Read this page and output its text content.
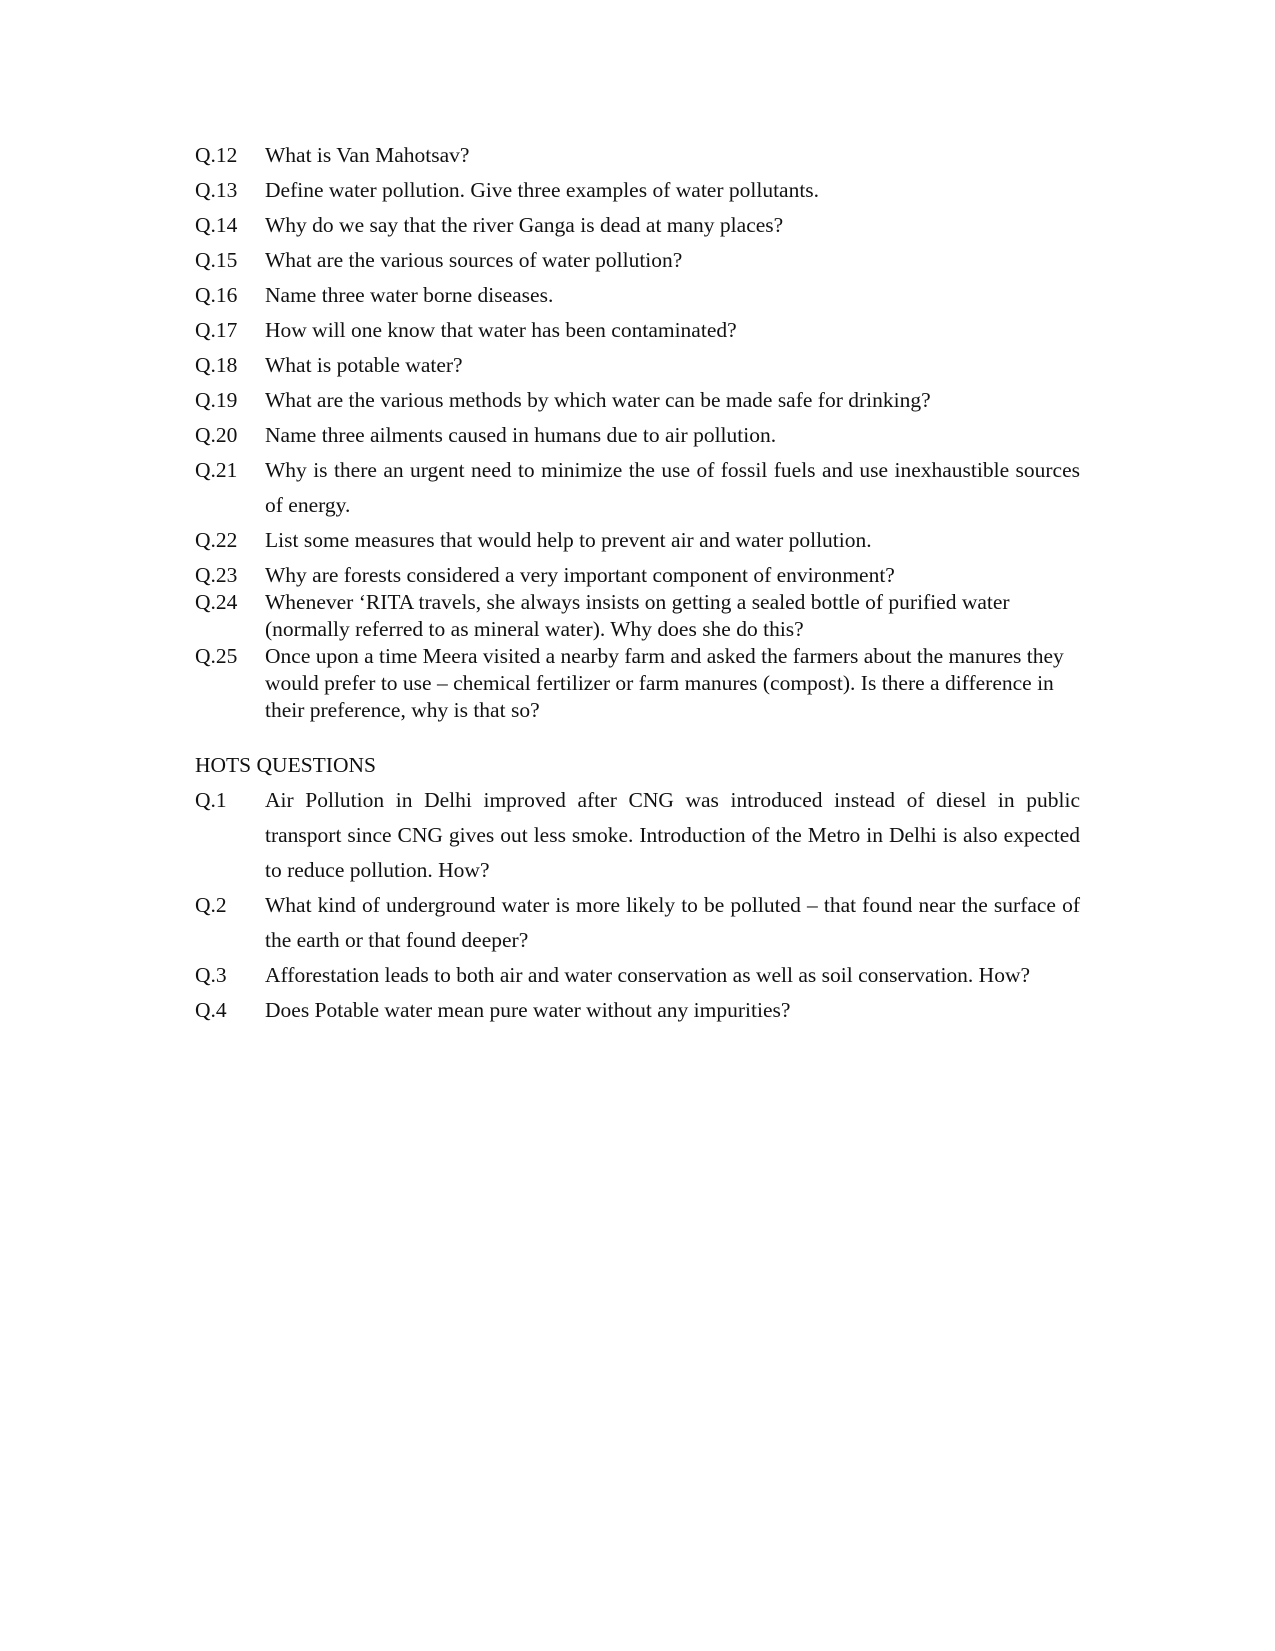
Q.12	What is Van Mahotsav?
Q.13	Define water pollution. Give three examples of water pollutants.
Q.14	Why do we say that the river Ganga is dead at many places?
Q.15	What are the various sources of water pollution?
Q.16	Name three water borne diseases.
Q.17	How will one know that water has been contaminated?
Q.18	What is potable water?
Q.19	What are the various methods by which water can be made safe for drinking?
Q.20	Name three ailments caused in humans due to air pollution.
Q.21	Why is there an urgent need to minimize the use of fossil fuels and use inexhaustible sources of energy.
Q.22	List some measures that would help to prevent air and water pollution.
Q.23	Why are forests considered a very important component of environment?
Q.24	Whenever ‘RITA travels, she always insists on getting a sealed bottle of purified water (normally referred to as mineral water). Why does she do this?
Q.25	Once upon a time Meera visited a nearby farm and asked the farmers about the manures they would prefer to use – chemical fertilizer or farm manures (compost). Is there a difference in their preference, why is that so?
HOTS QUESTIONS
Q.1	Air Pollution in Delhi improved after CNG was introduced instead of diesel in public transport since CNG gives out less smoke. Introduction of the Metro in Delhi is also expected to reduce pollution. How?
Q.2	What kind of underground water is more likely to be polluted – that found near the surface of the earth or that found deeper?
Q.3	Afforestation leads to both air and water conservation as well as soil conservation. How?
Q.4	Does Potable water mean pure water without any impurities?
